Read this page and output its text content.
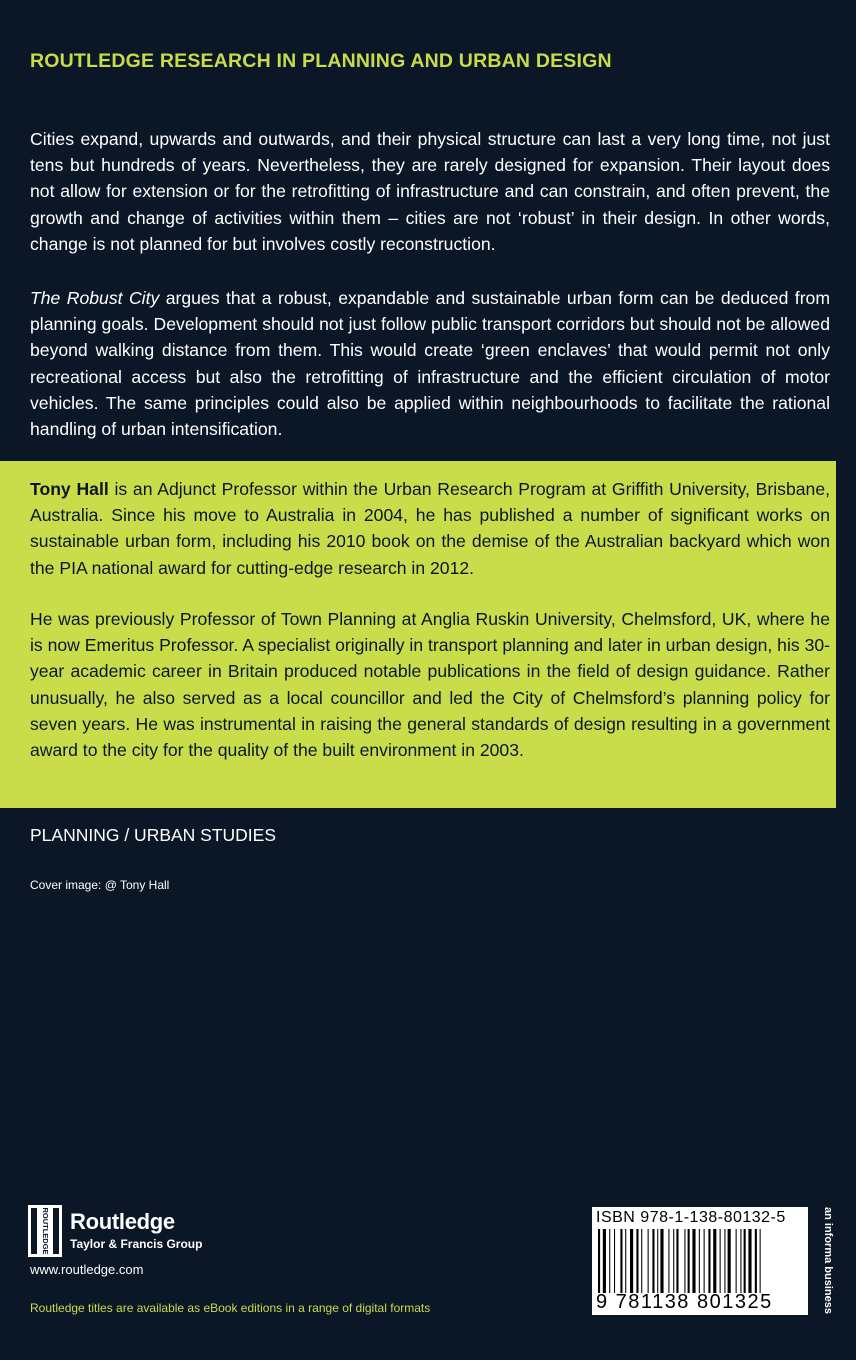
ROUTLEDGE RESEARCH IN PLANNING AND URBAN DESIGN

Cities expand, upwards and outwards, and their physical structure can last a very long time, not just tens but hundreds of years. Nevertheless, they are rarely designed for expansion. Their layout does not allow for extension or for the retrofitting of infrastructure and can constrain, and often prevent, the growth and change of activities within them – cities are not ‘robust’ in their design. In other words, change is not planned for but involves costly reconstruction.

The Robust City argues that a robust, expandable and sustainable urban form can be deduced from planning goals. Development should not just follow public transport corridors but should not be allowed beyond walking distance from them. This would create ‘green enclaves’ that would permit not only recreational access but also the retrofitting of infrastructure and the efficient circulation of motor vehicles. The same principles could also be applied within neighbourhoods to facilitate the rational handling of urban intensification.

Tony Hall is an Adjunct Professor within the Urban Research Program at Griffith University, Brisbane, Australia. Since his move to Australia in 2004, he has published a number of significant works on sustainable urban form, including his 2010 book on the demise of the Australian backyard which won the PIA national award for cutting-edge research in 2012.

He was previously Professor of Town Planning at Anglia Ruskin University, Chelmsford, UK, where he is now Emeritus Professor. A specialist originally in transport planning and later in urban design, his 30-year academic career in Britain produced notable publications in the field of design guidance. Rather unusually, he also served as a local councillor and led the City of Chelmsford’s planning policy for seven years. He was instrumental in raising the general standards of design resulting in a government award to the city for the quality of the built environment in 2003.

PLANNING / URBAN STUDIES
Cover image: @ Tony Hall
ROUTLEDGE Routledge
Taylor & Francis Group
www.routledge.com
Routledge titles are available as eBook editions in a range of digital formats
ISBN 978-1-138-80132-5
9 781138 801325	an informa business
